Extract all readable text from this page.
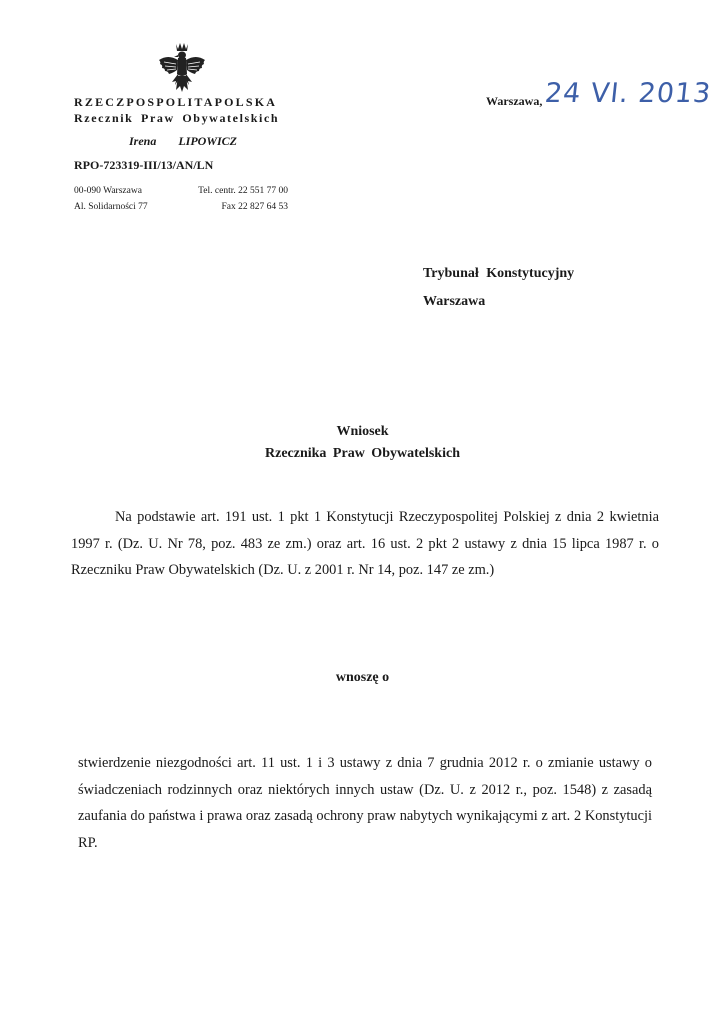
RZECZPOSPOLITAPOLSKA
Rzecznik Praw Obywatelskich
Irena LIPOWICZ
RPO-723319-III/13/AN/LN
00-090 Warszawa
Al. Solidarności 77
Tel. centr. 22 551 77 00
Fax 22 827 64 53
Warszawa, 24 VI. 2013
Trybunał Konstytucyjny
Warszawa
Wniosek
Rzecznika Praw Obywatelskich
Na podstawie art. 191 ust. 1 pkt 1 Konstytucji Rzeczypospolitej Polskiej z dnia 2 kwietnia 1997 r. (Dz. U. Nr 78, poz. 483 ze zm.) oraz art. 16 ust. 2 pkt 2 ustawy z dnia 15 lipca 1987 r. o Rzeczniku Praw Obywatelskich (Dz. U. z 2001 r. Nr 14, poz. 147 ze zm.)
wnoszę o
stwierdzenie niezgodności art. 11 ust. 1 i 3 ustawy z dnia 7 grudnia 2012 r. o zmianie ustawy o świadczeniach rodzinnych oraz niektórych innych ustaw (Dz. U. z 2012 r., poz. 1548) z zasadą zaufania do państwa i prawa oraz zasadą ochrony praw nabytych wynikającymi z art. 2 Konstytucji RP.
